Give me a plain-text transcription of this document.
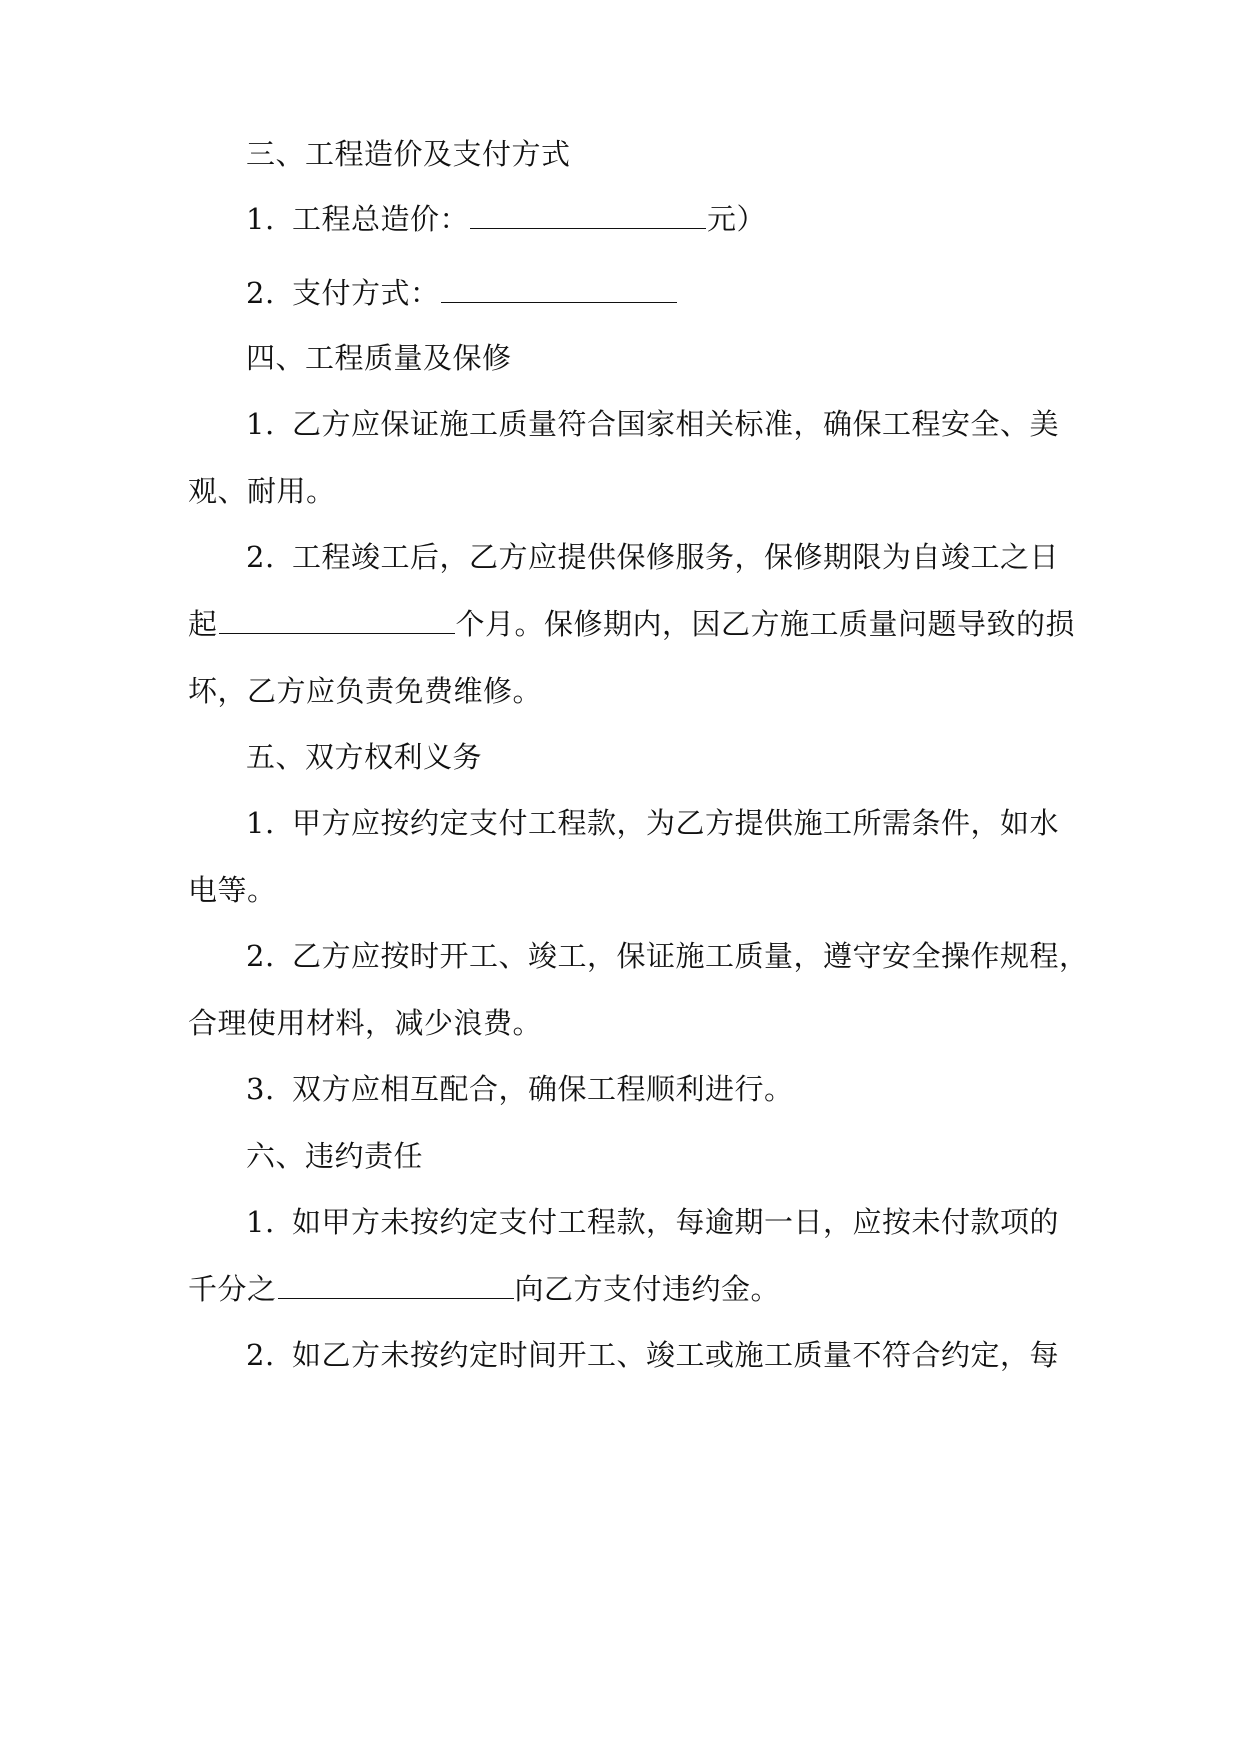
三、工程造价及支付方式
1. 工程总造价：	元）
2. 支付方式：
四、工程质量及保修
1. 乙方应保证施工质量符合国家相关标准，确保工程安全、美
观、耐用。
2. 工程竣工后，乙方应提供保修服务，保修期限为自竣工之日
起	个月。保修期内，因乙方施工质量问题导致的损
坏，乙方应负责免费维修。
五、双方权利义务
1. 甲方应按约定支付工程款，为乙方提供施工所需条件，如水
电等。
2. 乙方应按时开工、竣工，保证施工质量，遵守安全操作规程，
合理使用材料，减少浪费。
3. 双方应相互配合，确保工程顺利进行。
六、违约责任
1. 如甲方未按约定支付工程款，每逾期一日，应按未付款项的
千分之	向乙方支付违约金。
2. 如乙方未按约定时间开工、竣工或施工质量不符合约定，每
